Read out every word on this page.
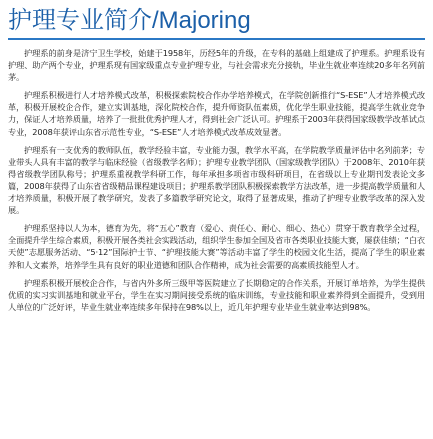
护理专业简介/Majoring

护理系的前身是济宁卫生学校，始建于1958年，历经5年的升级，在专科的基础上组建成了护理系。护理系设有护理、助产两个专业，护理系现有国家级重点专业护理专业，与社会需求充分接轨，毕业生就业率连续20多年名列前茅。

护理系积极进行人才培养模式改革，积极探索院校合作办学培养模式，在学院创新推行“S-ESE”人才培养模式改革，积极开展校企合作，建立实训基地，深化院校合作，提升师资队伍素质，优化学生职业技能，提高学生就业竞争力，保证人才培养质量，培养了一批批优秀护理人才，得到社会广泛认可。护理系于2003年获得国家级教学改革试点专业，2008年获评山东省示范性专业，“S-ESE”人才培养模式改革成效显著。

护理系有一支优秀的教师队伍，教学经验丰富，专业能力强，教学水平高，在学院教学质量评估中名列前茅；专业带头人具有丰富的教学与临床经验（省级教学名师）；护理专业教学团队（国家级教学团队）于2008年、2010年获得省级教学团队称号；护理系重视教学科研工作，每年承担多项省市级科研项目，在省级以上专业期刊发表论文多篇，2008年获得了山东省省级精品课程建设项目；护理系教学团队积极探索教学方法改革，进一步提高教学质量和人才培养质量，积极开展了教学研究，发表了多篇教学研究论文，取得了显著成果，推动了护理专业教学改革的深入发展。

护理系坚持以人为本，德育为先，将“五心”教育（爱心、责任心、耐心、细心、热心）贯穿于教育教学全过程，全面提升学生综合素质，积极开展各类社会实践活动，组织学生参加全国及省市各类职业技能大赛，屡获佳绩；“白衣天使”志愿服务活动、“5·12”国际护士节、“护理技能大赛”等活动丰富了学生的校园文化生活，提高了学生的职业素养和人文素养，培养学生具有良好的职业道德和团队合作精神，成为社会需要的高素质技能型人才。

护理系积极开展校企合作，与省内外多所三级甲等医院建立了长期稳定的合作关系，开展订单培养，为学生提供优质的实习实训基地和就业平台，学生在实习期间接受系统的临床训练，专业技能和职业素养得到全面提升，受到用人单位的广泛好评，毕业生就业率连续多年保持在98%以上，近几年护理专业毕业生就业率达到98%。
